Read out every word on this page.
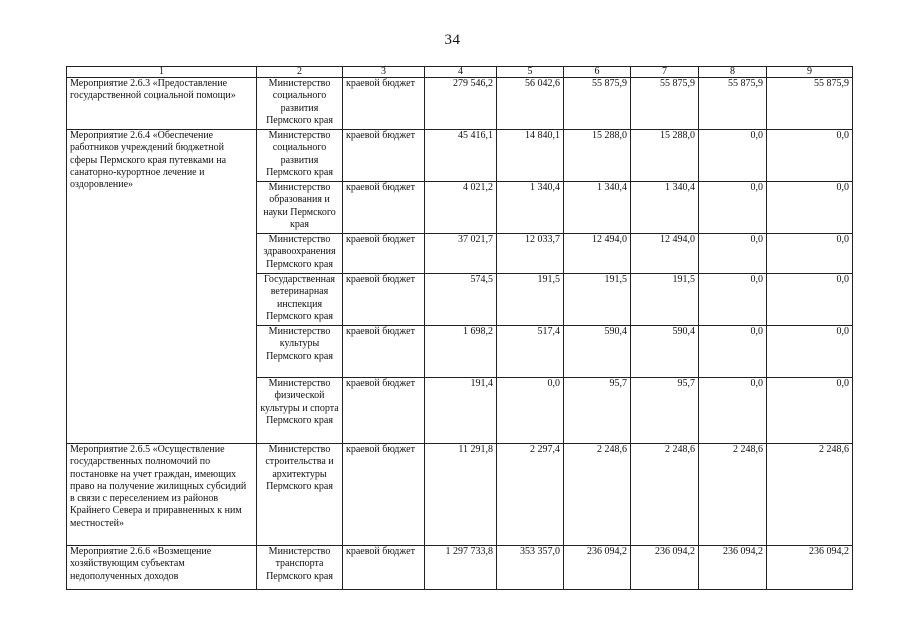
34
1	2	3	4	5	6	7	8	9
Мероприятие 2.6.3 «Предоставление государственной социальной помощи»	Министерство социального развития Пермского края	краевой бюджет	279 546,2	56 042,6	55 875,9	55 875,9	55 875,9	55 875,9
Мероприятие 2.6.4 «Обеспечение работников учреждений бюджетной сферы Пермского края путевками на санаторно-курортное лечение и оздоровление»	Министерство социального развития Пермского края	краевой бюджет	45 416,1	14 840,1	15 288,0	15 288,0	0,0	0,0
	Министерство образования и науки Пермского края	краевой бюджет	4 021,2	1 340,4	1 340,4	1 340,4	0,0	0,0
	Министерство здравоохранения Пермского края	краевой бюджет	37 021,7	12 033,7	12 494,0	12 494,0	0,0	0,0
	Государственная ветеринарная инспекция Пермского края	краевой бюджет	574,5	191,5	191,5	191,5	0,0	0,0
	Министерство культуры Пермского края	краевой бюджет	1 698,2	517,4	590,4	590,4	0,0	0,0
	Министерство физической культуры и спорта Пермского края	краевой бюджет	191,4	0,0	95,7	95,7	0,0	0,0
Мероприятие 2.6.5 «Осуществление государственных полномочий по постановке на учет граждан, имеющих право на получение жилищных субсидий в связи с переселением из районов Крайнего Севера и приравненных к ним местностей»	Министерство строительства и архитектуры Пермского края	краевой бюджет	11 291,8	2 297,4	2 248,6	2 248,6	2 248,6	2 248,6
Мероприятие 2.6.6 «Возмещение хозяйствующим субъектам недополученных доходов	Министерство транспорта Пермского края	краевой бюджет	1 297 733,8	353 357,0	236 094,2	236 094,2	236 094,2	236 094,2
